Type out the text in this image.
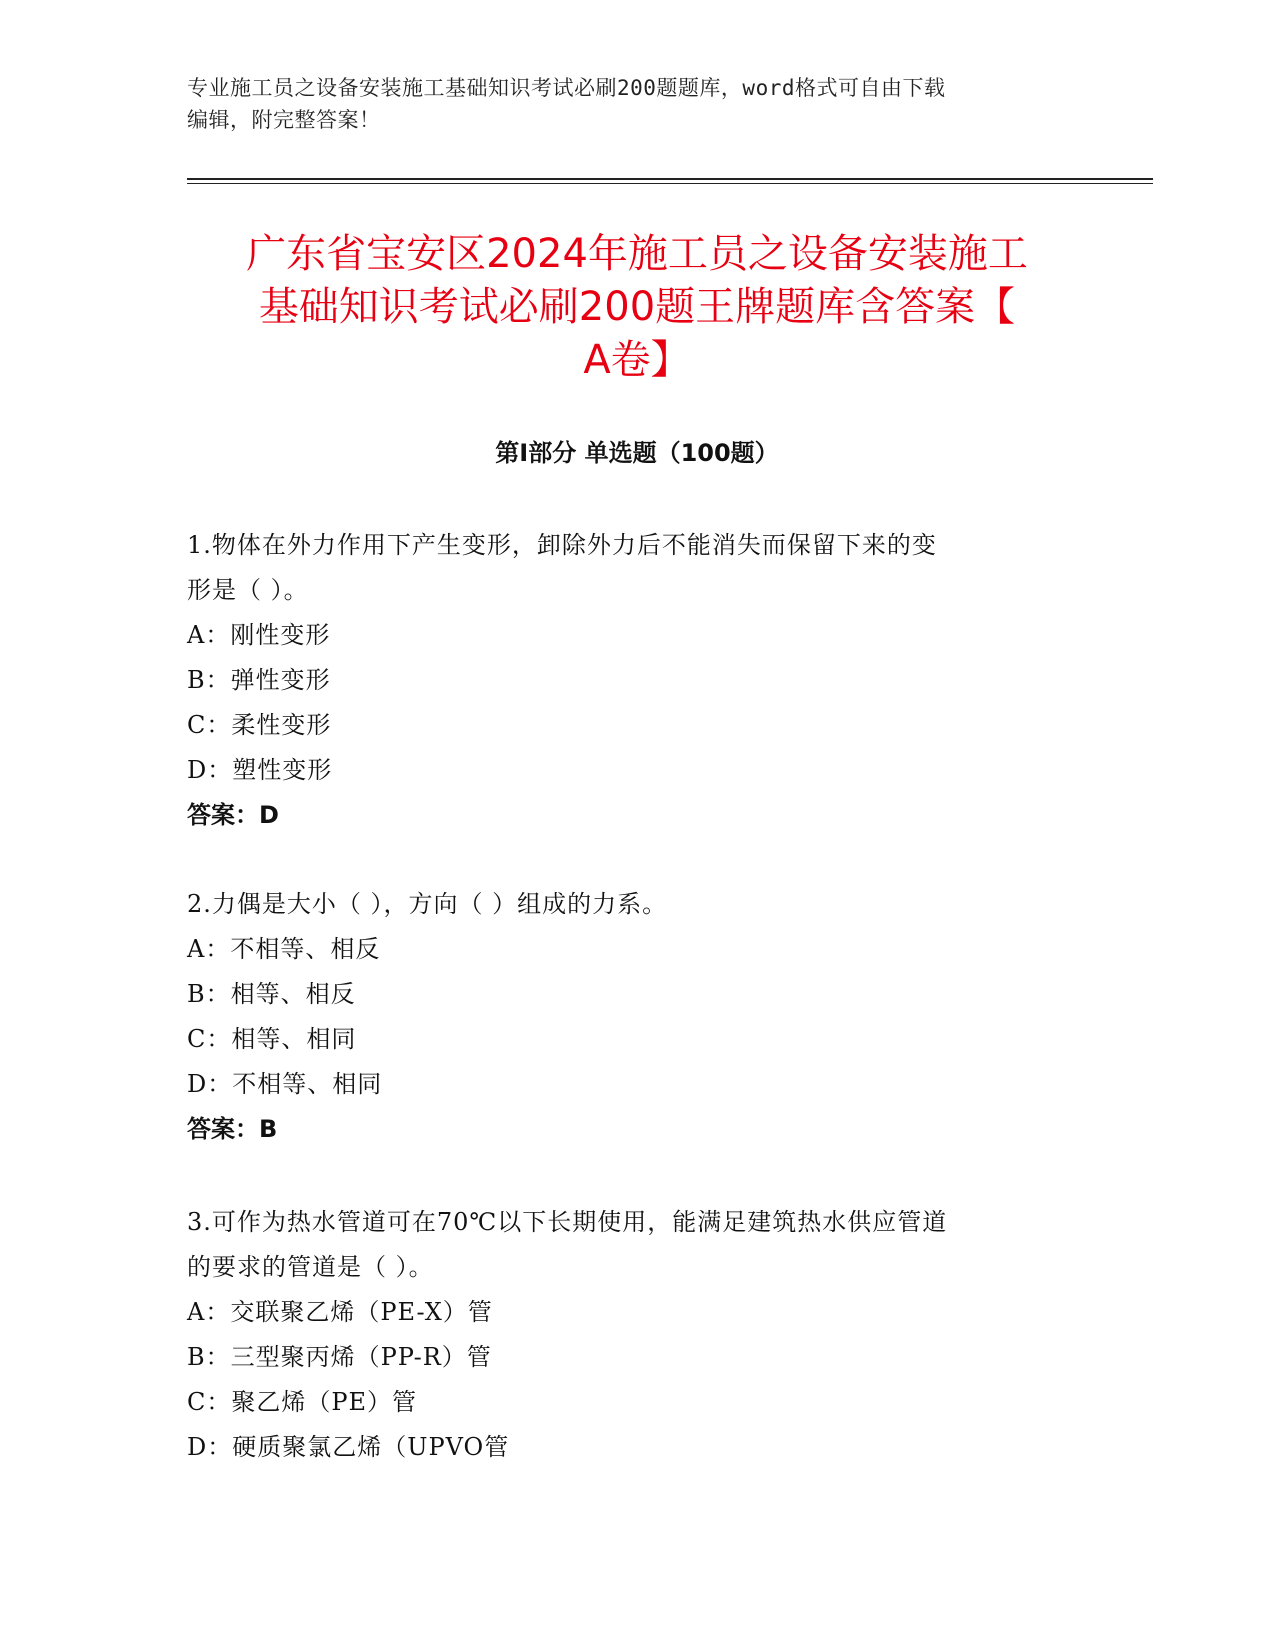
专业施工员之设备安装施工基础知识考试必刷200题题库，word格式可自由下载
编辑，附完整答案！
广东省宝安区2024年施工员之设备安装施工
基础知识考试必刷200题王牌题库含答案【
A卷】
第I部分 单选题（100题）
1.物体在外力作用下产生变形，卸除外力后不能消失而保留下来的变
形是（ ）。
A：刚性变形
B：弹性变形
C：柔性变形
D：塑性变形
答案：D
2.力偶是大小（ ），方向（ ）组成的力系。
A：不相等、相反
B：相等、相反
C：相等、相同
D：不相等、相同
答案：B
3.可作为热水管道可在70℃以下长期使用，能满足建筑热水供应管道
的要求的管道是（ ）。
A：交联聚乙烯（PE-X）管
B：三型聚丙烯（PP-R）管
C：聚乙烯（PE）管
D：硬质聚氯乙烯（UPVO管
